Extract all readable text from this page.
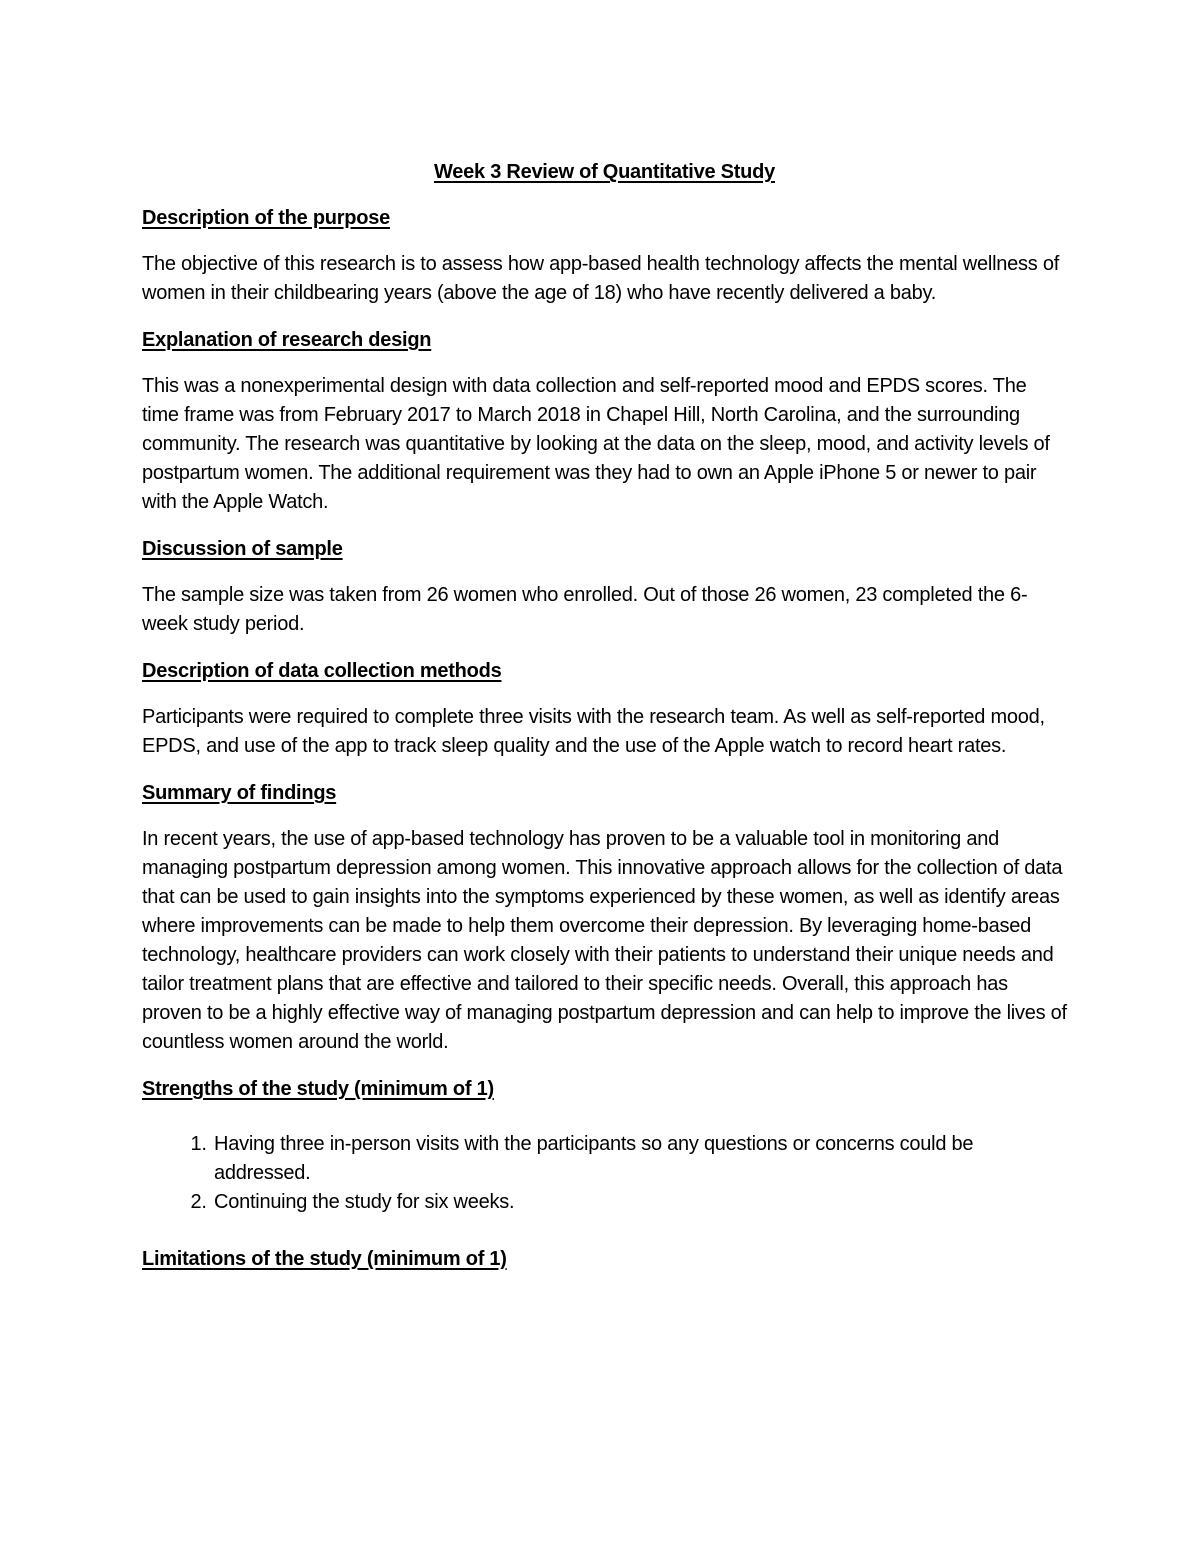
Week 3 Review of Quantitative Study
Description of the purpose

The objective of this research is to assess how app-based health technology affects the mental wellness of women in their childbearing years (above the age of 18) who have recently delivered a baby.

Explanation of research design

This was a nonexperimental design with data collection and self-reported mood and EPDS scores. The time frame was from February 2017 to March 2018 in Chapel Hill, North Carolina, and the surrounding community. The research was quantitative by looking at the data on the sleep, mood, and activity levels of postpartum women. The additional requirement was they had to own an Apple iPhone 5 or newer to pair with the Apple Watch.

Discussion of sample

The sample size was taken from 26 women who enrolled. Out of those 26 women, 23 completed the 6-week study period.

Description of data collection methods

Participants were required to complete three visits with the research team. As well as self-reported mood, EPDS, and use of the app to track sleep quality and the use of the Apple watch to record heart rates.

Summary of findings

In recent years, the use of app-based technology has proven to be a valuable tool in monitoring and managing postpartum depression among women. This innovative approach allows for the collection of data that can be used to gain insights into the symptoms experienced by these women, as well as identify areas where improvements can be made to help them overcome their depression. By leveraging home-based technology, healthcare providers can work closely with their patients to understand their unique needs and tailor treatment plans that are effective and tailored to their specific needs. Overall, this approach has proven to be a highly effective way of managing postpartum depression and can help to improve the lives of countless women around the world.

Strengths of the study (minimum of 1)
1. Having three in-person visits with the participants so any questions or concerns could be addressed.
2. Continuing the study for six weeks.
Limitations of the study (minimum of 1)
